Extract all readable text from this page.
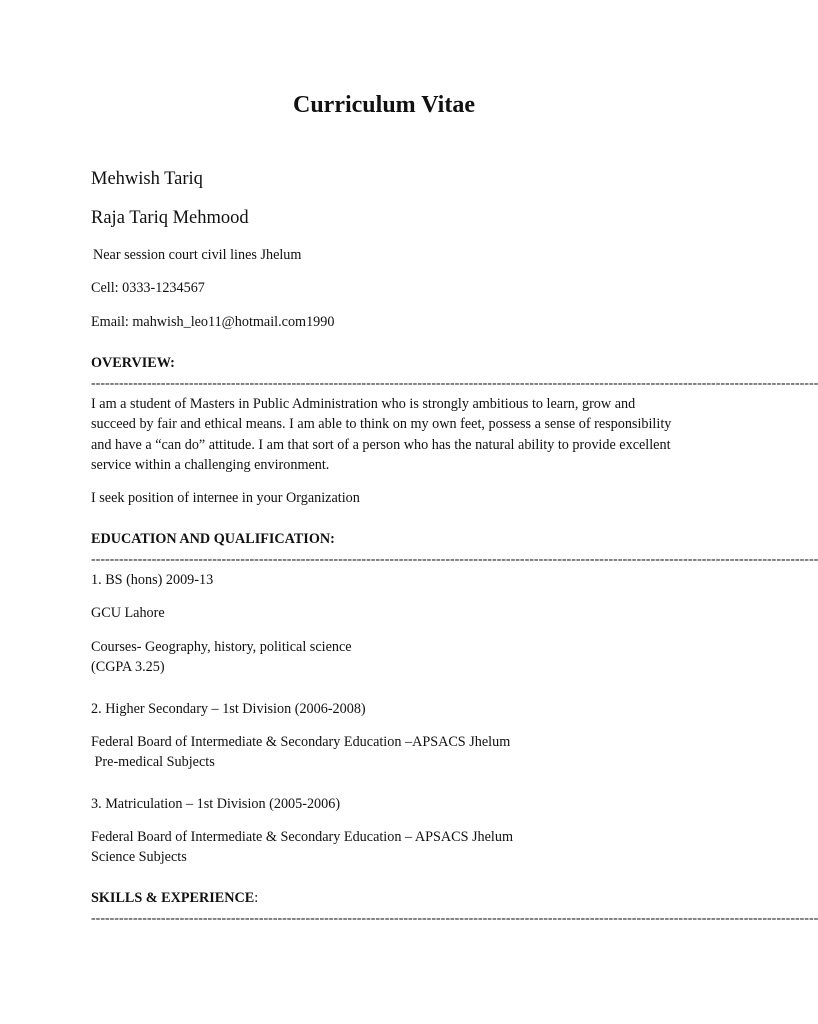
Curriculum Vitae

Mehwish Tariq

Raja Tariq Mehmood

Near session court civil lines Jhelum

Cell: 0333-1234567

Email: mahwish_leo11@hotmail.com1990

OVERVIEW:

------------------------------------------------------------------------------------------------------------------------------------------------------------

I am a student of Masters in Public Administration who is strongly ambitious to learn, grow and succeed by fair and ethical means. I am able to think on my own feet, possess a sense of responsibility and have a “can do” attitude. I am that sort of a person who has the natural ability to provide excellent service within a challenging environment.

I seek position of internee in your Organization

EDUCATION AND QUALIFICATION:

------------------------------------------------------------------------------------------------------------------------------------------------------------

1. BS (hons) 2009-13

GCU Lahore

Courses- Geography, history, political science

(CGPA 3.25)

2. Higher Secondary – 1st Division (2006-2008)

Federal Board of Intermediate & Secondary Education –APSACS Jhelum

Pre-medical Subjects

3. Matriculation – 1st Division (2005-2006)

Federal Board of Intermediate & Secondary Education – APSACS Jhelum

Science Subjects

SKILLS & EXPERIENCE:

------------------------------------------------------------------------------------------------------------------------------------------------------------
